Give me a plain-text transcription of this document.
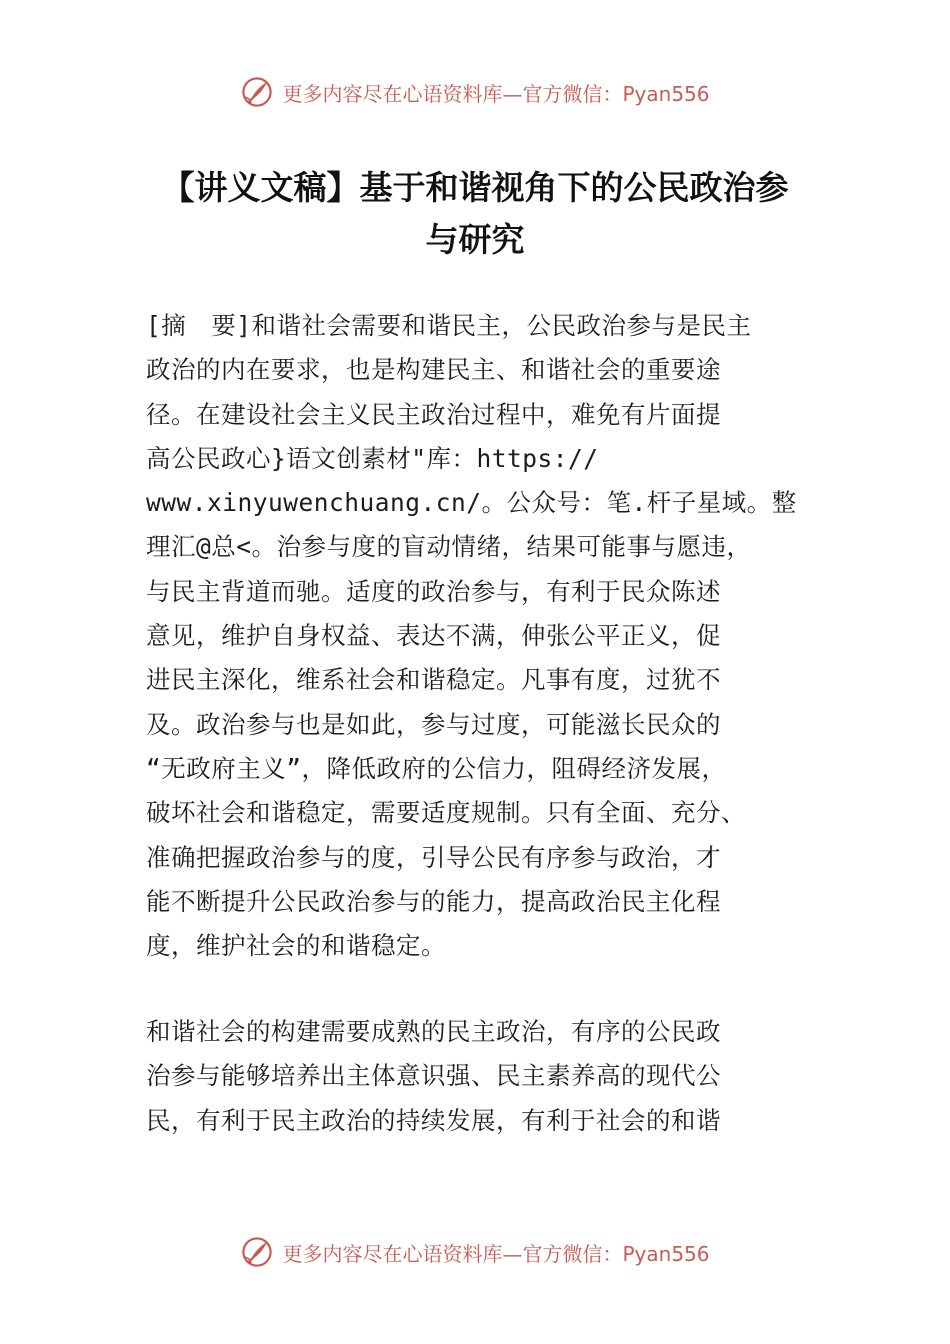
更多内容尽在心语资料库—官方微信：Pyan556
【讲义文稿】基于和谐视角下的公民政治参
与研究

[摘　要]和谐社会需要和谐民主，公民政治参与是民主
政治的内在要求，也是构建民主、和谐社会的重要途
径。在建设社会主义民主政治过程中，难免有片面提
高公民政心}语文创素材"库：https://
www.xinyuwenchuang.cn/。公众号：笔.杆子星域。整
理汇@总<。治参与度的盲动情绪，结果可能事与愿违，
与民主背道而驰。适度的政治参与，有利于民众陈述
意见，维护自身权益、表达不满，伸张公平正义，促
进民主深化，维系社会和谐稳定。凡事有度，过犹不
及。政治参与也是如此，参与过度，可能滋长民众的
“无政府主义”，降低政府的公信力，阻碍经济发展，
破坏社会和谐稳定，需要适度规制。只有全面、充分、
准确把握政治参与的度，引导公民有序参与政治，才
能不断提升公民政治参与的能力，提高政治民主化程
度，维护社会的和谐稳定。

和谐社会的构建需要成熟的民主政治，有序的公民政
治参与能够培养出主体意识强、民主素养高的现代公
民，有利于民主政治的持续发展，有利于社会的和谐

更多内容尽在心语资料库—官方微信：Pyan556
